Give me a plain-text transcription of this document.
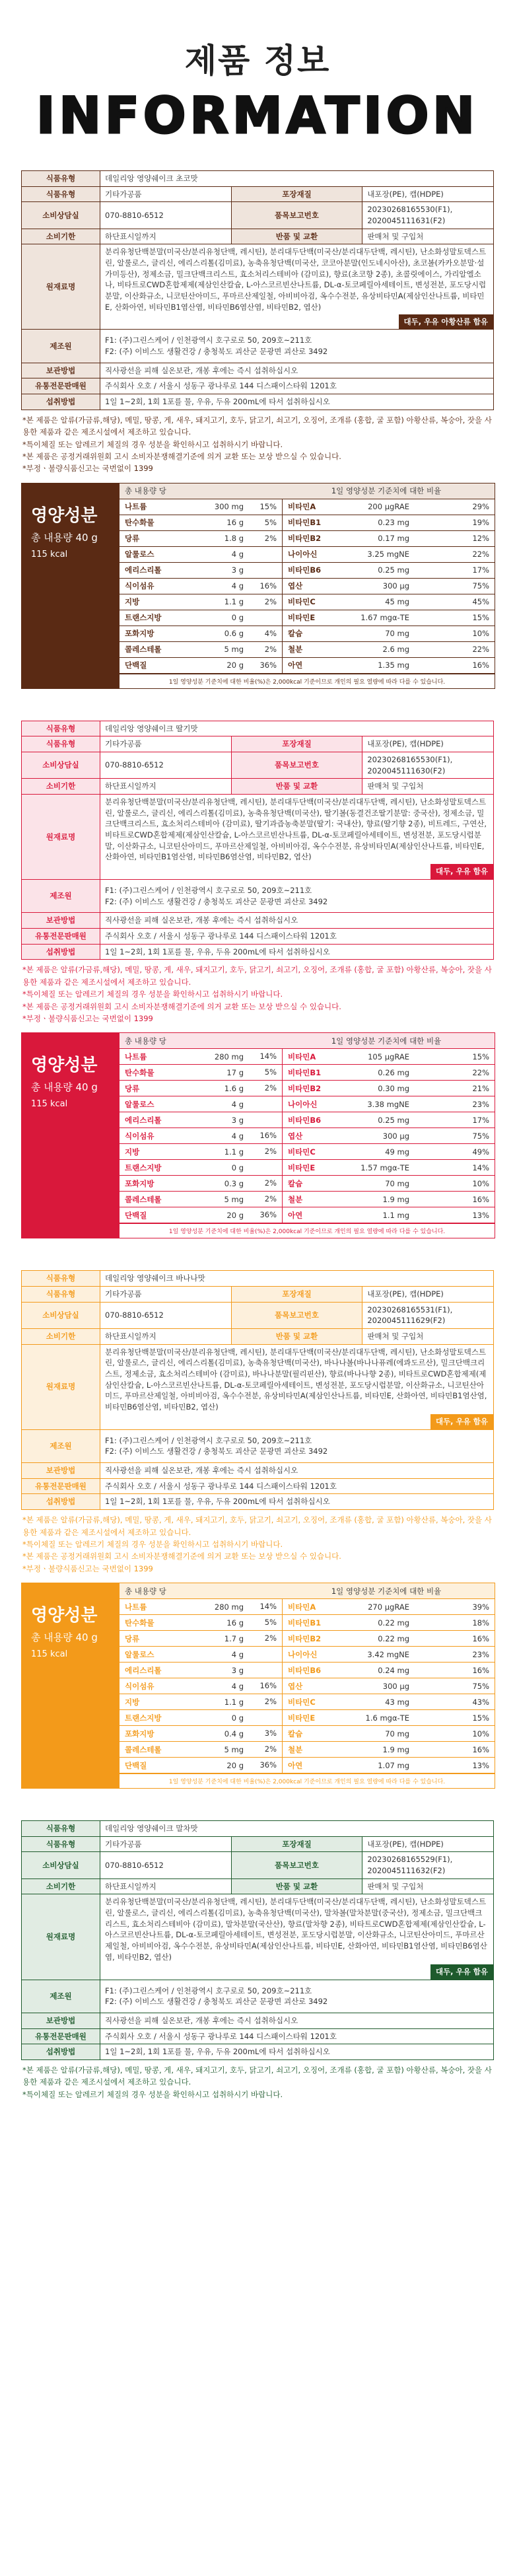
제품 정보
INFORMATION
식품유형	데일리앙 영양쉐이크 초코맛		
식품유형	기타가공품	포장재질	내포장(PE), 캡(HDPE)
소비상담실	070-8810-6512	품목보고번호	20230268165530(F1), 2020045111631(F2)
소비기한	하단표시일까지	반품 및 교환	판매처 및 구입처
원재료명	분리유청단백분말(미국산/분리유청단백, 레시틴), 분리대두단백(미국산/분리대두단백, 레시틴), 난소화성말토덱스트린, 알룰로스, 글리신, 에리스리톨(김미료), 농축유청단백(미국산, 코코아분말(인도네시아산), 초코볼(카카오분말·설가미등산), 정제소금, 밀크단백크리스트, 효소처리스테비아 (감미료), 향료(초코향 2종), 초콜릿에이스, 가리알엘소나, 비타트로CWD혼합제제(제삼인산칼슘, L-아스코르빈산나트륨, DL-α-토코페릴아세테이트, 변성전분, 포도당시럽분말, 이산화규소, 니코틴산아미드, 푸마르산제일철, 아비비아검, 옥수수전분, 유상비타민A(제삼인산나트륨, 비타민E, 산화아연, 비타민B1염산염, 비타민B6염산염, 비타민B2, 엽산)
대두, 우유 아황산류 함유		

제조원	F1: (주)그린스케어 / 인천광역시 호구로로 50, 209호~211호
F2: (주) 이비스도 생활건강 / 충청북도 괴산군 문광면 괴산로 3492		
보관방법	직사광선을 피해 실온보관, 개봉 후에는 즉시 섭취하십시오		
유통전문판매원	주식회사 오호 / 서울시 성동구 광나루로 144 디스패이스타워 1201호		
섭취방법	1일 1~2회, 1회 1포를 물, 우유, 두유 200mL에 타서 섭취하십시오		
*본 제품은 알류(가금류,해당), 메밀, 땅콩, 게, 새우, 돼지고기, 호두, 닭고기, 쇠고기, 오징어, 조개류 (홍합, 굴 포함) 아황산류, 복숭아, 잣을 사용한 제품과 같은 제조시설에서 제조하고 있습니다.
*특이체질 또는 알레르기 체질의 경우 성분을 확인하시고 섭취하시기 바랍니다.
*본 제품은 공정거래위원회 고시 소비자분쟁해결기준에 의거 교환 또는 보상 받으실 수 있습니다.
*부정ㆍ불량식품신고는 국번없이 1399
영양성분
총 내용량 40 g
115 kcal
총 내용량 당	1일 영양성분 기준치에 대한 비율
나트륨	300 mg	15%	비타민A	200 μgRAE	29%
탄수화물	16 g	5%	비타민B1	0.23 mg	19%
당류	1.8 g	2%	비타민B2	0.17 mg	12%
알룰로스	4 g	나이아신	3.25 mgNE	22%
에리스리톨	3 g	비타민B6	0.25 mg	17%
식이섬유	4 g	16%	엽산	300 μg	75%
지방	1.1 g	2%	비타민C	45 mg	45%
트랜스지방	0 g	비타민E	1.67 mgα-TE	15%
포화지방	0.6 g	4%	칼슘	70 mg	10%
콜레스테롤	5 mg	2%	철분	2.6 mg	22%
단백질	20 g	36%	아연	1.35 mg	16%
1일 영양성분 기준치에 대한 비율(%)은 2,000kcal 기준이므로 개인의 필요 열량에 따라 다를 수 있습니다.
식품유형	데일리앙 영양쉐이크 딸기맛		
식품유형	기타가공품	포장재질	내포장(PE), 캡(HDPE)
소비상담실	070-8810-6512	품목보고번호	20230268165530(F1), 2020045111630(F2)
소비기한	하단표시일까지	반품 및 교환	판매처 및 구입처
원재료명	분리유청단백분말(미국산/분리유청단백, 레시틴), 분리대두단백(미국산/분리대두단백, 레시틴), 난소화성말토덱스트린, 알룰로스, 글리신, 에리스리톨(김미료), 농축유청단백(미국산), 딸기볼(동결건조딸기분말: 중국산), 정제소금, 밀크단백크리스트, 효소처리스테비아 (감미료), 딸기과즙농축분말(딸기: 국내산), 향료(딸기향 2종), 비트레드, 구연산, 비타트로CWD혼합제제(제삼인산칼슘, L-아스코르빈산나트륨, DL-α-토코페릴아세테이트, 변성전분, 포도당시럽분말, 이산화규소, 니코틴산아미드, 푸마르산제일철, 아비비아검, 옥수수전분, 유상비타민A(제삼인산나트륨, 비타민E, 산화아연, 비타민B1염산염, 비타민B6염산염, 비타민B2, 엽산)
대두, 우유 함유		

제조원	F1: (주)그린스케어 / 인천광역시 호구로로 50, 209호~211호
F2: (주) 이비스도 생활건강 / 충청북도 괴산군 문광면 괴산로 3492		
보관방법	직사광선을 피해 실온보관, 개봉 후에는 즉시 섭취하십시오		
유통전문판매원	주식회사 오호 / 서울시 성동구 광나루로 144 디스패이스타워 1201호		
섭취방법	1일 1~2회, 1회 1포를 물, 우유, 두유 200mL에 타서 섭취하십시오		
*본 제품은 알류(가금류,해당), 메밀, 땅콩, 게, 새우, 돼지고기, 호두, 닭고기, 쇠고기, 오징어, 조개류 (홍합, 굴 포함) 아황산류, 복숭아, 잣을 사용한 제품과 같은 제조시설에서 제조하고 있습니다.
*특이체질 또는 알레르기 체질의 경우 성분을 확인하시고 섭취하시기 바랍니다.
*본 제품은 공정거래위원회 고시 소비자분쟁해결기준에 의거 교환 또는 보상 받으실 수 있습니다.
*부정ㆍ불량식품신고는 국번없이 1399
영양성분
총 내용량 40 g
115 kcal
총 내용량 당	1일 영양성분 기준치에 대한 비율
나트륨	280 mg	14%	비타민A	105 μgRAE	15%
탄수화물	17 g	5%	비타민B1	0.26 mg	22%
당류	1.6 g	2%	비타민B2	0.30 mg	21%
알룰로스	4 g	나이아신	3.38 mgNE	23%
에리스리톨	3 g	비타민B6	0.25 mg	17%
식이섬유	4 g	16%	엽산	300 μg	75%
지방	1.1 g	2%	비타민C	49 mg	49%
트랜스지방	0 g	비타민E	1.57 mgα-TE	14%
포화지방	0.3 g	2%	칼슘	70 mg	10%
콜레스테롤	5 mg	2%	철분	1.9 mg	16%
단백질	20 g	36%	아연	1.1 mg	13%
1일 영양성분 기준치에 대한 비율(%)은 2,000kcal 기준이므로 개인의 필요 열량에 따라 다를 수 있습니다.
식품유형	데일리앙 영양쉐이크 바나나맛		
식품유형	기타가공품	포장재질	내포장(PE), 캡(HDPE)
소비상담실	070-8810-6512	품목보고번호	20230268165531(F1), 2020045111629(F2)
소비기한	하단표시일까지	반품 및 교환	판매처 및 구입처
원재료명	분리유청단백분말(미국산/분리유청단백, 레시틴), 분리대두단백(미국산/분리대두단백, 레시틴), 난소화성말토덱스트린, 알룰로스, 글리신, 에리스리톨(김미료), 농축유청단백(미국산), 바나나볼(바나나퓨레(에콰도르산), 밀크단백크리스트, 정제소금, 효소처리스테비아 (감미료), 바나나분말(필리핀산), 향료(바나나향 2종), 비타트로CWD혼합제제(제삼인산칼슘, L-아스코르빈산나트륨, DL-α-토코페릴아세테이트, 변성전분, 포도당시럽분말, 이산화규소, 니코틴산아미드, 푸마르산제일철, 아비비아검, 옥수수전분, 유상비타민A(제삼인산나트륨, 비타민E, 산화아연, 비타민B1염산염, 비타민B6염산염, 비타민B2, 엽산)
대두, 우유 함유		

제조원	F1: (주)그린스케어 / 인천광역시 호구로로 50, 209호~211호
F2: (주) 이비스도 생활건강 / 충청북도 괴산군 문광면 괴산로 3492		
보관방법	직사광선을 피해 실온보관, 개봉 후에는 즉시 섭취하십시오		
유통전문판매원	주식회사 오호 / 서울시 성동구 광나루로 144 디스패이스타워 1201호		
섭취방법	1일 1~2회, 1회 1포를 물, 우유, 두유 200mL에 타서 섭취하십시오		
*본 제품은 알류(가금류,해당), 메밀, 땅콩, 게, 새우, 돼지고기, 호두, 닭고기, 쇠고기, 오징어, 조개류 (홍합, 굴 포함) 아황산류, 복숭아, 잣을 사용한 제품과 같은 제조시설에서 제조하고 있습니다.
*특이체질 또는 알레르기 체질의 경우 성분을 확인하시고 섭취하시기 바랍니다.
*본 제품은 공정거래위원회 고시 소비자분쟁해결기준에 의거 교환 또는 보상 받으실 수 있습니다.
*부정ㆍ불량식품신고는 국번없이 1399
영양성분
총 내용량 40 g
115 kcal
총 내용량 당	1일 영양성분 기준치에 대한 비율
나트륨	280 mg	14%	비타민A	270 μgRAE	39%
탄수화물	16 g	5%	비타민B1	0.22 mg	18%
당류	1.7 g	2%	비타민B2	0.22 mg	16%
알룰로스	4 g	나이아신	3.42 mgNE	23%
에리스리톨	3 g	비타민B6	0.24 mg	16%
식이섬유	4 g	16%	엽산	300 μg	75%
지방	1.1 g	2%	비타민C	43 mg	43%
트랜스지방	0 g	비타민E	1.6 mgα-TE	15%
포화지방	0.4 g	3%	칼슘	70 mg	10%
콜레스테롤	5 mg	2%	철분	1.9 mg	16%
단백질	20 g	36%	아연	1.07 mg	13%
1일 영양성분 기준치에 대한 비율(%)은 2,000kcal 기준이므로 개인의 필요 열량에 따라 다를 수 있습니다.
식품유형	데일리앙 영양쉐이크 말차맛		
식품유형	기타가공품	포장재질	내포장(PE), 캡(HDPE)
소비상담실	070-8810-6512	품목보고번호	20230268165529(F1), 2020045111632(F2)
소비기한	하단표시일까지	반품 및 교환	판매처 및 구입처
원재료명	분리유청단백분말(미국산/분리유청단백, 레시틴), 분리대두단백(미국산/분리대두단백, 레시틴), 난소화성말토덱스트린, 알룰로스, 글리신, 에리스리톨(김미료), 농축유청단백(미국산), 말차볼(말차분말(중국산), 정제소금, 밀크단백크리스트, 효소처리스테비아 (감미료), 말차분말(국산산), 향료(말차향 2종), 비타트로CWD혼합제제(제삼인산칼슘, L-아스코르빈산나트륨, DL-α-토코페릴아세테이트, 변성전분, 포도당시럽분말, 이산화규소, 니코틴산아미드, 푸마르산제일철, 아비비아검, 옥수수전분, 유상비타민A(제삼인산나트륨, 비타민E, 산화아연, 비타민B1염산염, 비타민B6염산염, 비타민B2, 엽산)
대두, 우유 함유		

제조원	F1: (주)그린스케어 / 인천광역시 호구로로 50, 209호~211호
F2: (주) 이비스도 생활건강 / 충청북도 괴산군 문광면 괴산로 3492		
보관방법	직사광선을 피해 실온보관, 개봉 후에는 즉시 섭취하십시오		
유통전문판매원	주식회사 오호 / 서울시 성동구 광나루로 144 디스패이스타워 1201호		
섭취방법	1일 1~2회, 1회 1포를 물, 우유, 두유 200mL에 타서 섭취하십시오		
*본 제품은 알류(가금류,해당), 메밀, 땅콩, 게, 새우, 돼지고기, 호두, 닭고기, 쇠고기, 오징어, 조개류 (홍합, 굴 포함) 아황산류, 복숭아, 잣을 사용한 제품과 같은 제조시설에서 제조하고 있습니다.
*특이체질 또는 알레르기 체질의 경우 성분을 확인하시고 섭취하시기 바랍니다.
